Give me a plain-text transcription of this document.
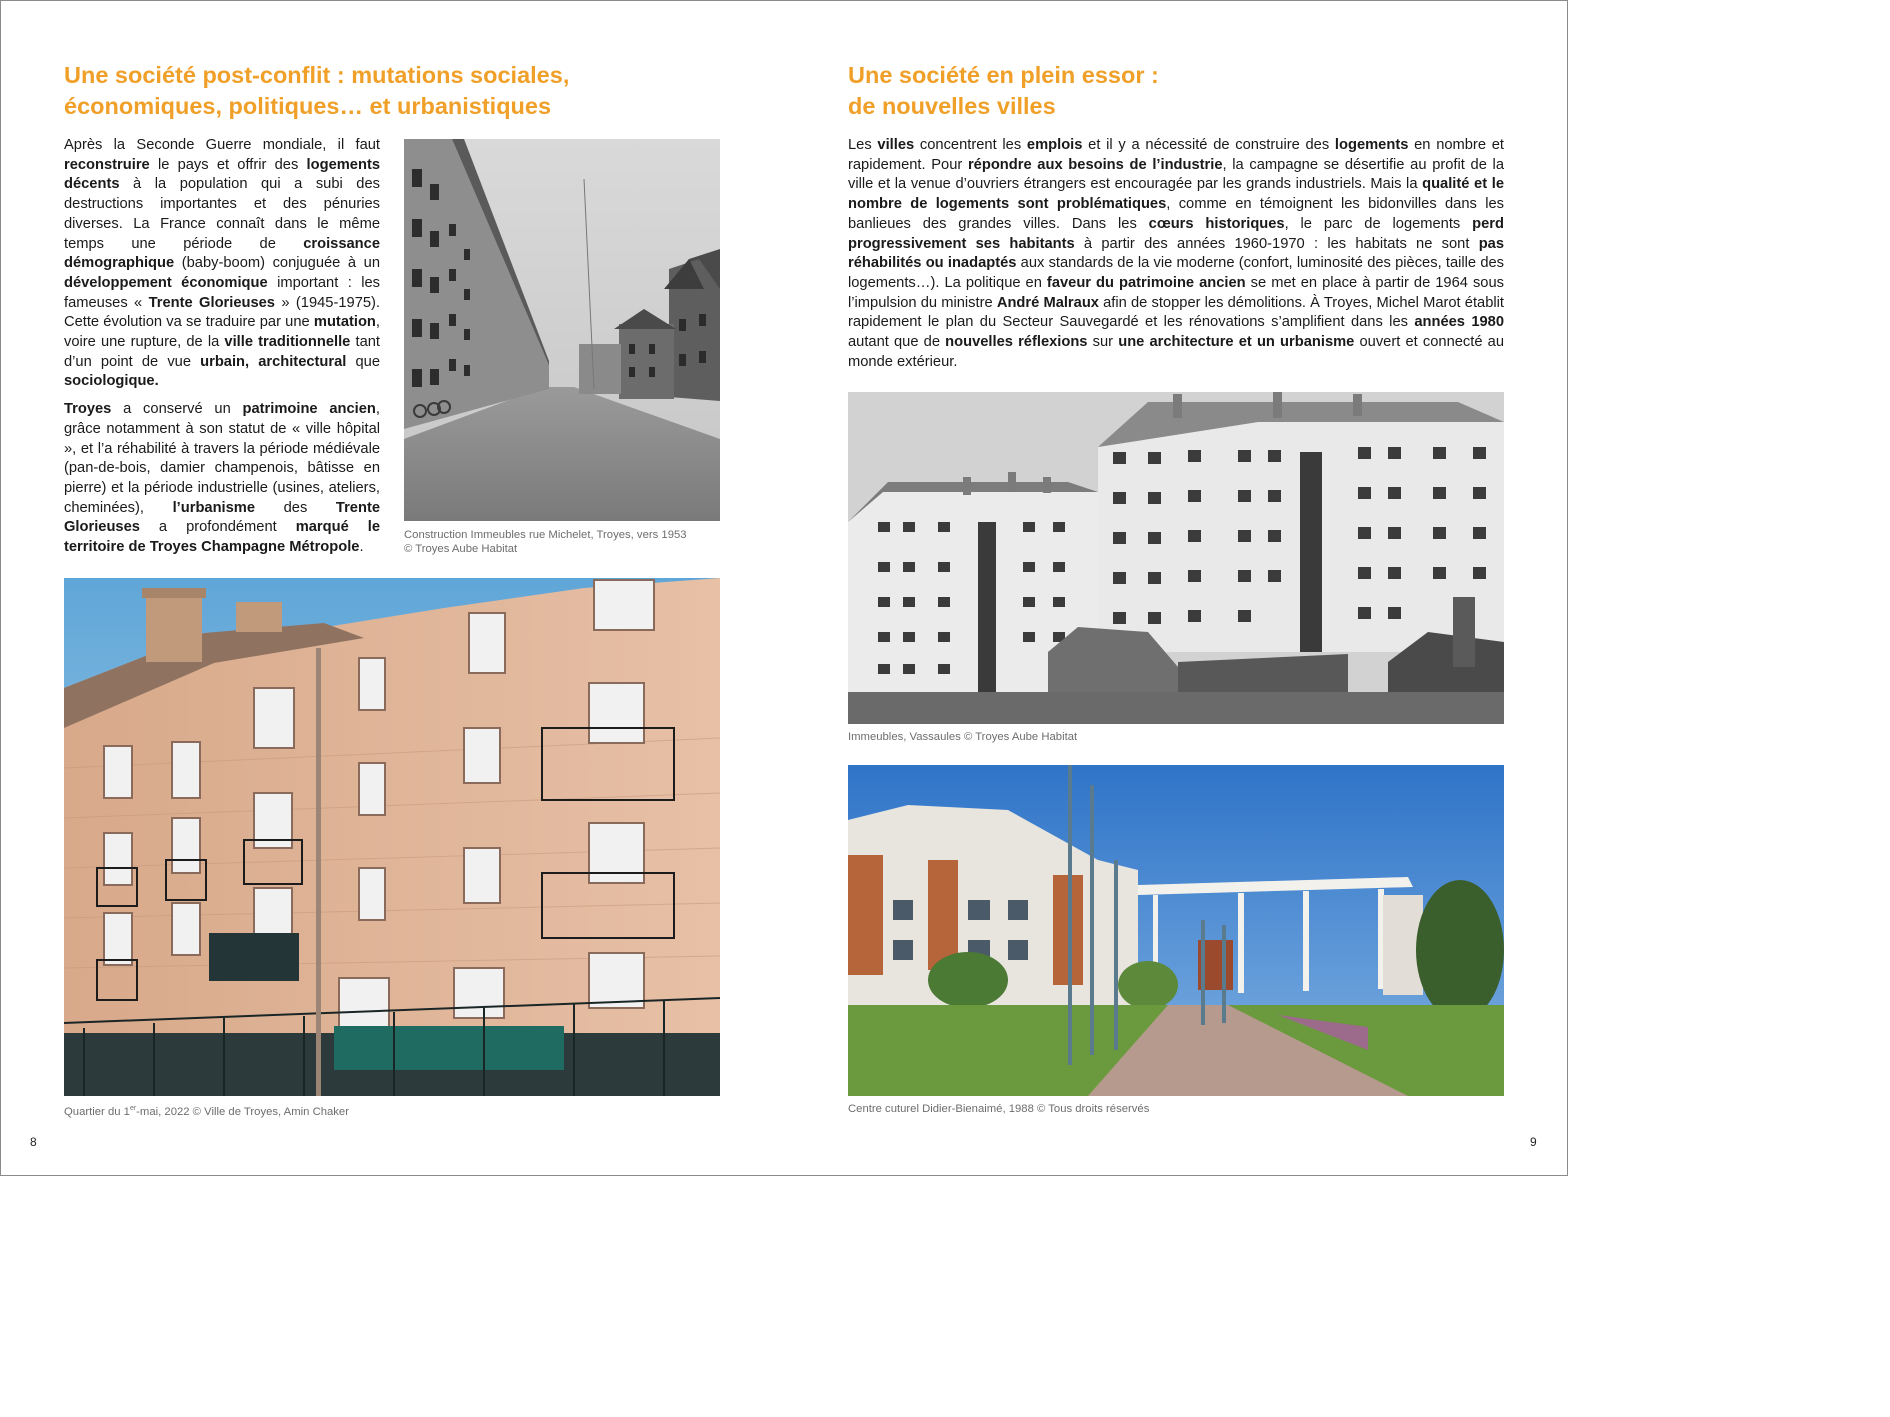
Une société post-conflit : mutations sociales,
économiques, politiques… et urbanistiques

Après la Seconde Guerre mondiale, il faut reconstruire le pays et offrir des logements décents à la population qui a subi des destructions importantes et des pénuries diverses. La France connaît dans le même temps une période de croissance démographique (baby-boom) conjuguée à un développement économique important : les fameuses « Trente Glorieuses » (1945-1975). Cette évolution va se traduire par une mutation, voire une rupture, de la ville traditionnelle tant d’un point de vue urbain, architectural que sociologique.

Troyes a conservé un patrimoine ancien, grâce notamment à son statut de « ville hôpital », et l’a réhabilité à travers la période médiévale (pan-de-bois, damier champenois, bâtisse en pierre) et la période industrielle (usines, ateliers, cheminées), l’urbanisme des Trente Glorieuses a profondément marqué le territoire de Troyes Champagne Métropole.

Construction Immeubles rue Michelet, Troyes, vers 1953
© Troyes Aube Habitat
Quartier du 1er-mai, 2022 © Ville de Troyes, Amin Chaker
8
Une société en plein essor :
de nouvelles villes

Les villes concentrent les emplois et il y a nécessité de construire des logements en nombre et rapidement. Pour répondre aux besoins de l’industrie, la campagne se désertifie au profit de la ville et la venue d’ouvriers étrangers est encouragée par les grands industriels. Mais la qualité et le nombre de logements sont problématiques, comme en témoignent les bidonvilles dans les banlieues des grandes villes. Dans les cœurs historiques, le parc de logements perd progressivement ses habitants à partir des années 1960-1970 : les habitats ne sont pas réhabilités ou inadaptés aux standards de la vie moderne (confort, luminosité des pièces, taille des logements…). La politique en faveur du patrimoine ancien se met en place à partir de 1964 sous l’impulsion du ministre André Malraux afin de stopper les démolitions. À Troyes, Michel Marot établit rapidement le plan du Secteur Sauvegardé et les rénovations s’amplifient dans les années 1980 autant que de nouvelles réflexions sur une architecture et un urbanisme ouvert et connecté au monde extérieur.

Immeubles, Vassaules © Troyes Aube Habitat
Centre cuturel Didier-Bienaimé, 1988 © Tous droits réservés
9
